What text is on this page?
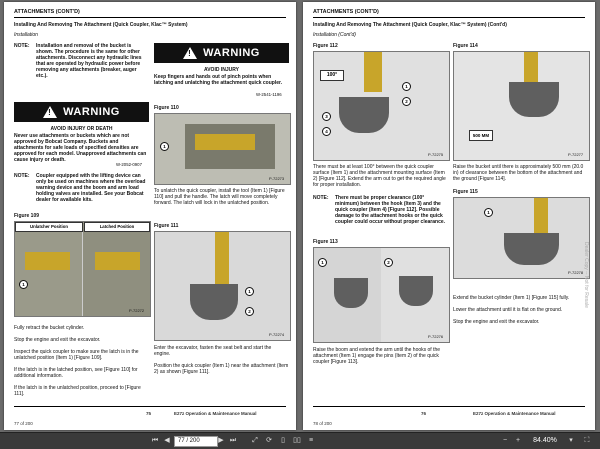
ATTACHMENTS (CONT'D)
Installing And Removing The Attachment (Quick Coupler, Klac™ System)
Installation
NOTE: Installation and removal of the bucket is shown. The procedure is the same for other attachments. Disconnect any hydraulic lines that are operated by hydraulic power before removing any attachments (breaker, auger etc.).
! WARNING
AVOID INJURY OR DEATH
Never use attachments or buckets which are not approved by Bobcat Company. Buckets and attachments for safe loads of specified densities are approved for each model. Unapproved attachments can cause injury or death.
W-2052-0907
NOTE: Coupler equipped with the lifting device can only be used on machines where the overload warning device and the boom and arm load holding valves are installed. See your Bobcat dealer for available kits.
Figure 109
Unlatcher Position	Latched Position
1
P-72272
Fully retract the bucket cylinder.
Stop the engine and exit the excavator.
Inspect the quick coupler to make sure the latch is in the unlatched position (Item 1) [Figure 109].
If the latch is in the latched position, see [Figure 110] for additional information.
If the latch is in the unlatched position, proceed to [Figure 111].
! WARNING
AVOID INJURY
Keep fingers and hands out of pinch points when latching and unlatching the attachment quick coupler.
W-2541-1196
Figure 110
1
P-72273
To unlatch the quick coupler, install the tool (Item 1) [Figure 110] and pull the handle. The latch will move completely forward. The latch will lock in the unlatched position.
Figure 111
1
2
P-72274
Enter the excavator, fasten the seat belt and start the engine.
Position the quick coupler (Item 1) near the attachment (Item 2) as shown [Figure 111].
75	E27z Operation & Maintenance Manual
77 of 200
ATTACHMENTS (CONT'D)
Installing And Removing The Attachment (Quick Coupler, Klac™ System) (Cont'd)
Installation (Cont'd)
Figure 112
100°
1
2
3
4
P-72275
There must be at least 100° between the quick coupler surface (Item 1) and the attachment mounting surface (Item 2) [Figure 112]. Extend the arm out to get the required angle for proper installation.
NOTE: There must be proper clearance (100° minimum) between the hook (Item 3) and the quick coupler (Item 4) [Figure 112]. Possible damage to the attachment hooks or the quick coupler could occur without proper clearance.
Figure 113
1	2
P-72276
Raise the boom and extend the arm until the hooks of the attachment (Item 1) engage the pins (Item 2) of the quick coupler [Figure 113].
Figure 114
500 MM
P-72277
Raise the bucket until there is approximately 500 mm (20.0 in) of clearance between the bottom of the attachment and the ground [Figure 114].
Figure 115
1
P-72278
Extend the bucket cylinder (Item 1) [Figure 115] fully.
Lower the attachment until it is flat on the ground.
Stop the engine and exit the excavator.
76	E27z Operation & Maintenance Manual
78 of 200
Dealer Copy -- Not for Resale
⏮ ◀	77 / 200	▶ ⏭	⤢	⟳	▯	▯▯	≡	−	+	84.40%	▾	⛶
